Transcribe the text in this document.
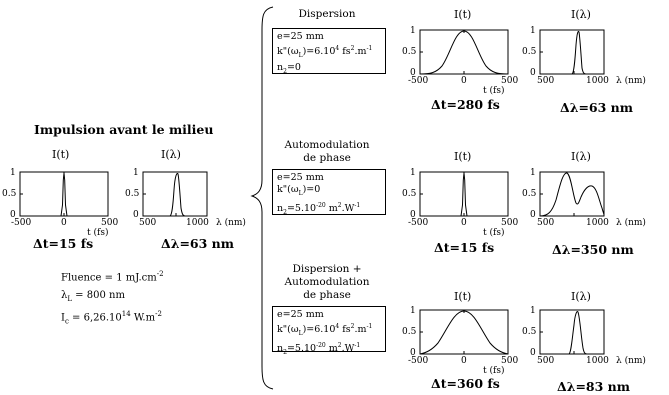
Impulsion avant le milieu
I(t)	I(λ)
1
0.5
0
-500	0	500
t (fs)
1
0.5
0
500	1000 λ (nm)
Δt=15 fs	Δλ=63 nm
Fluence = 1 $mJ.cm^{-2}$
$\lambda_L = 800$ nm
$I_c = 6,26.10^{14}$ $W.m^{-2}$
Dispersion
e=25 mm
$k"(\omega_L)=6.10^4$ $fs^2.m^{-1}$
$n_2=0$
I(t)	I(λ)
1
0.5
0
-500	0	500
t (fs)
1
0.5
0
500	1000 λ (nm)
Δt=280 fs	Δλ=63 nm
Automodulation
de phase
e=25 mm
$k"(\omega_L)=0$
$n_2=5.10^{-20}$ $m^2.W^{-1}$
I(t)	I(λ)
1
0.5
0
-500	0	500
t (fs)
1
0.5
0
500	1000 λ (nm)
Δt=15 fs	Δλ=350 nm
Dispersion +
Automodulation
de phase
e=25 mm
$k"(\omega_L)=6.10^4$ $fs^2.m^{-1}$
$n_2=5.10^{-20}$ $m^2.W^{-1}$
I(t)	I(λ)
1
0.5
0
-500	0	500
t (fs)
1
0.5
0
500	1000 λ (nm)
Δt=360 fs	Δλ=83 nm
